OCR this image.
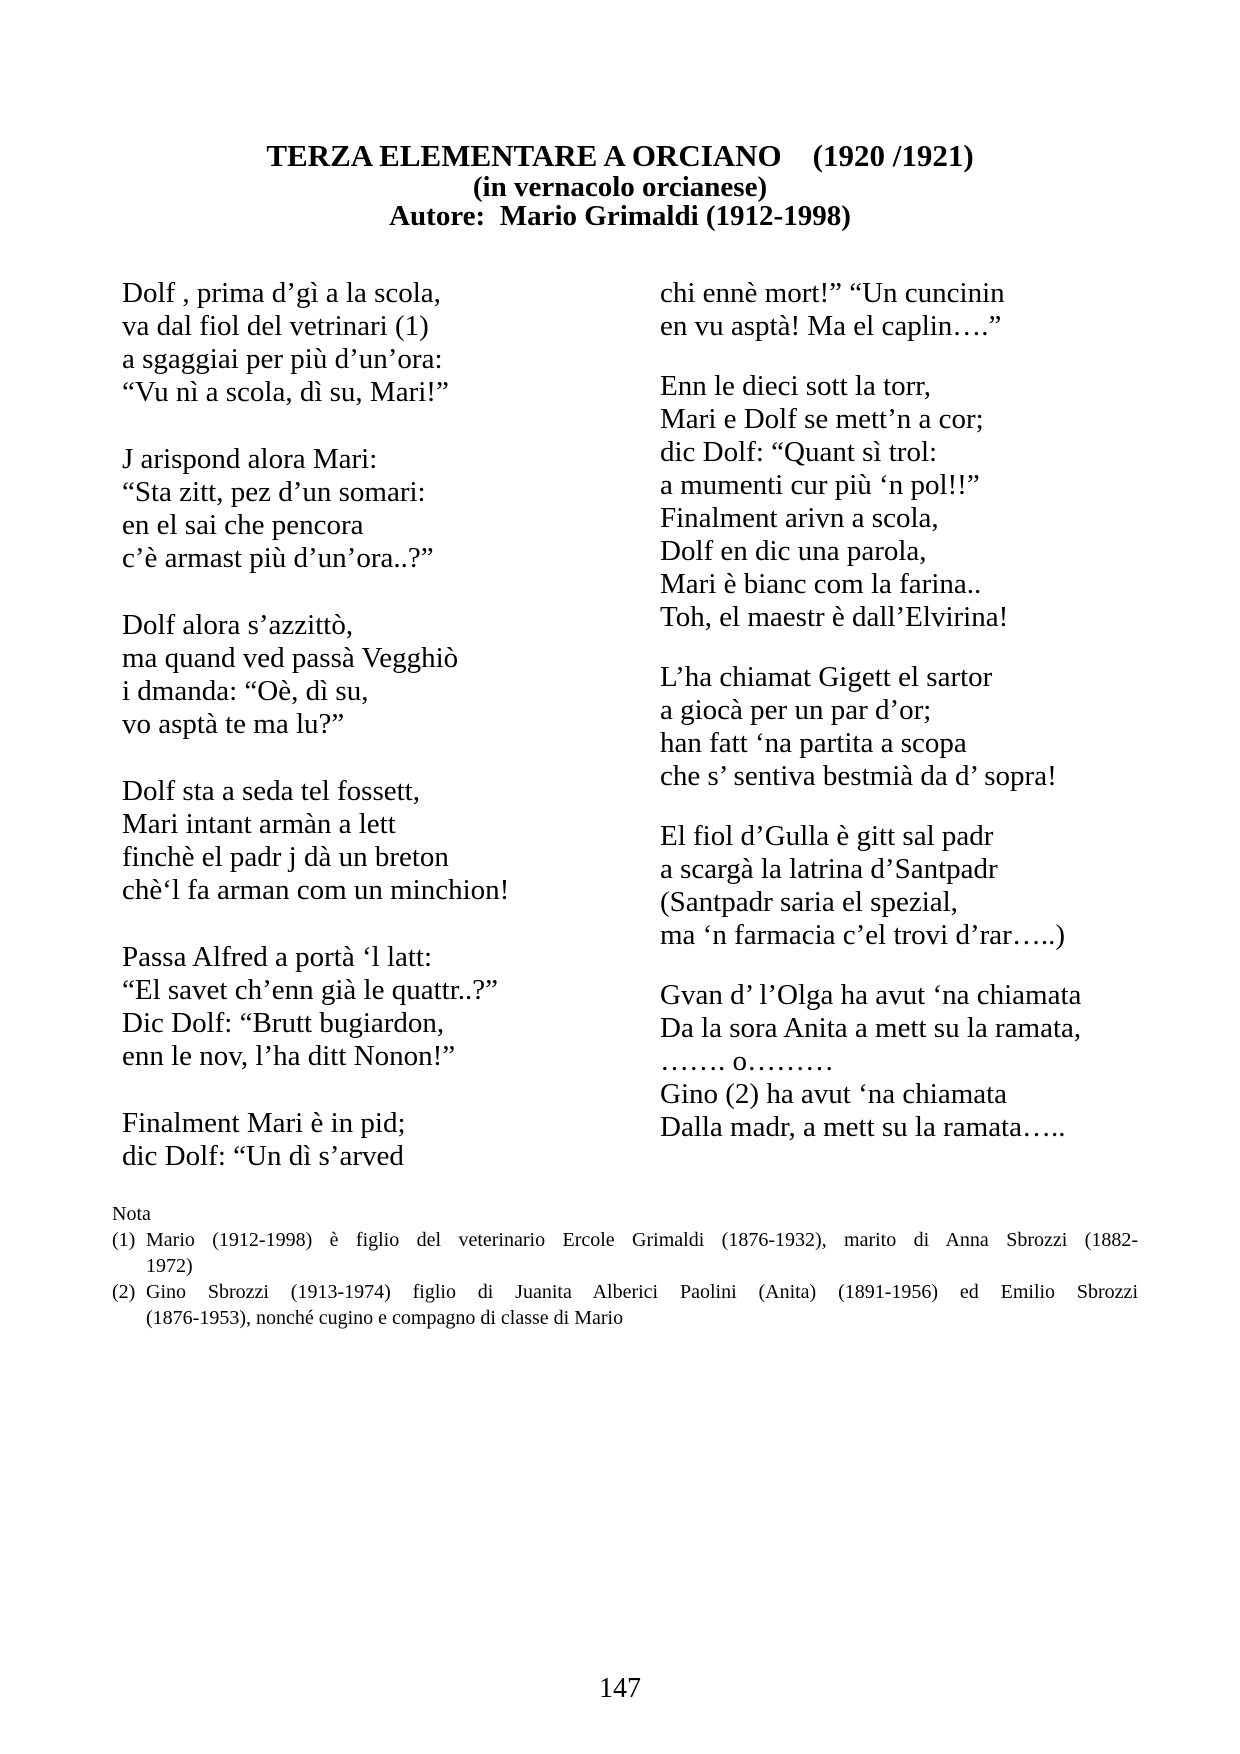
TERZA ELEMENTARE A ORCIANO    (1920 /1921)
(in vernacolo orcianese)
Autore:  Mario Grimaldi (1912-1998)
Dolf , prima d’gì a la scola,
va dal fiol del vetrinari (1)
a sgaggiai per più d’un’ora:
“Vu nì a scola, dì su, Mari!”
J arispond alora Mari:
“Sta zitt, pez d’un somari:
en el sai che pencora
c’è armast più d’un’ora..?”
Dolf alora s’azzittò,
ma quand ved passà Vegghiò
i dmanda: “Oè, dì su,
vo asptà te ma lu?”
Dolf sta a seda tel fossett,
Mari intant armàn a lett
finchè el padr j dà un breton
chè‘l fa arman com un minchion!
Passa Alfred a portà ‘l latt:
“El savet ch’enn già le quattr..?”
Dic Dolf: “Brutt bugiardon,
enn le nov, l’ha ditt Nonon!”
Finalment Mari è in pid;
dic Dolf: “Un dì s’arved
chi ennè mort!” “Un cuncinin
en vu asptà! Ma el caplin….”
Enn le dieci sott la torr,
Mari e Dolf se mett’n a cor;
dic Dolf: “Quant sì trol:
a mumenti cur più ‘n pol!!”
Finalment arivn a scola,
Dolf en dic una parola,
Mari è bianc com la farina..
Toh, el maestr è dall’Elvirina!
L’ha chiamat Gigett el sartor
a giocà per un par d’or;
han fatt ‘na partita a scopa
che s’ sentiva bestmià da d’ sopra!
El fiol d’Gulla è gitt sal padr
a scargà la latrina d’Santpadr
(Santpadr saria el spezial,
ma ‘n farmacia c’el trovi d’rar…..)
Gvan d’ l’Olga ha avut ‘na chiamata
Da la sora Anita a mett su la ramata,
……. o………
Gino (2) ha avut ‘na chiamata
Dalla madr, a mett su la ramata…..
Nota
(1) Mario (1912-1998) è figlio del veterinario Ercole Grimaldi (1876-1932), marito di Anna Sbrozzi (1882-
1972)
(2) Gino Sbrozzi (1913-1974) figlio di Juanita Alberici Paolini (Anita) (1891-1956) ed Emilio Sbrozzi
(1876-1953), nonché cugino e compagno di classe di Mario
147
